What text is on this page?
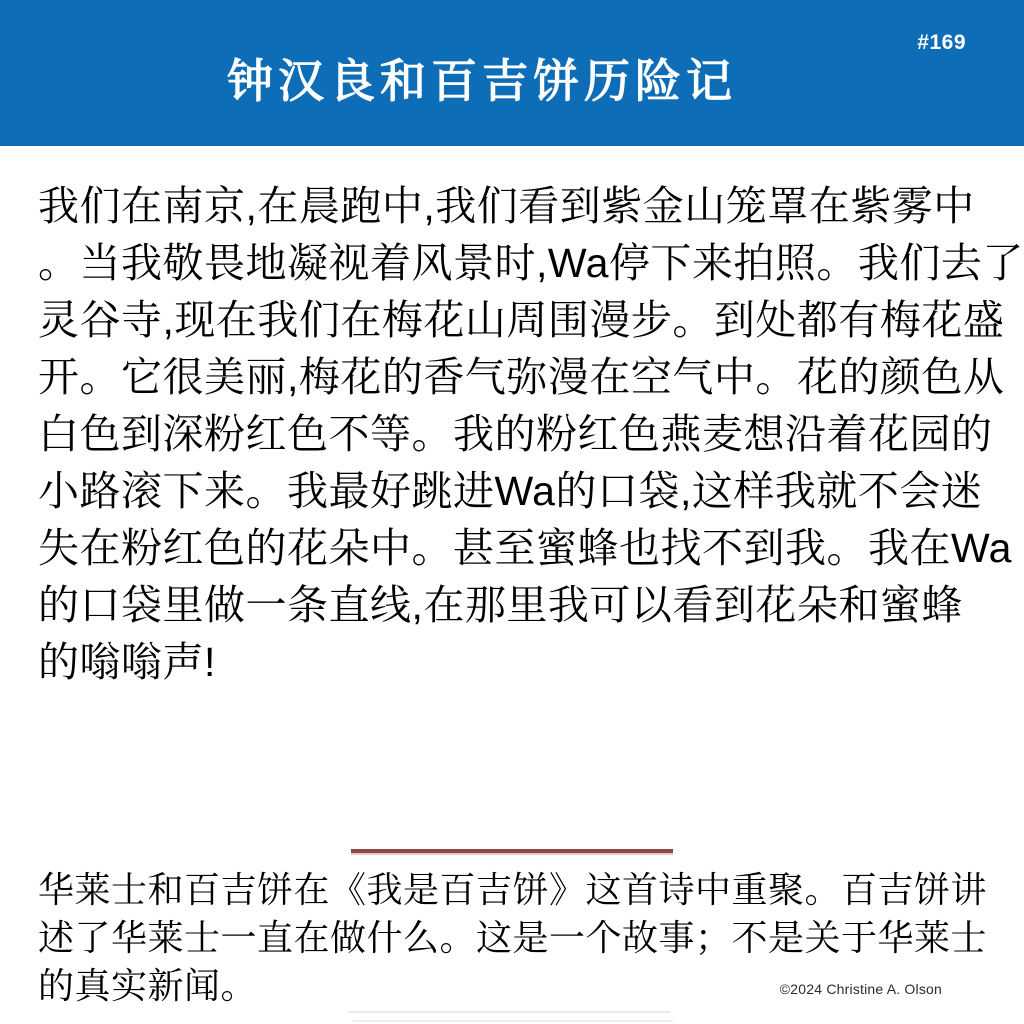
钟汉良和百吉饼历险记
#169
我们在南京,在晨跑中,我们看到紫金山笼罩在紫雾中
。当我敬畏地凝视着风景时,Wa停下来拍照。我们去了
灵谷寺,现在我们在梅花山周围漫步。到处都有梅花盛
开。它很美丽,梅花的香气弥漫在空气中。花的颜色从
白色到深粉红色不等。我的粉红色燕麦想沿着花园的
小路滚下来。我最好跳进Wa的口袋,这样我就不会迷
失在粉红色的花朵中。甚至蜜蜂也找不到我。我在Wa
的口袋里做一条直线,在那里我可以看到花朵和蜜蜂
的嗡嗡声!
华莱士和百吉饼在《我是百吉饼》这首诗中重聚。百吉饼讲
述了华莱士一直在做什么。这是一个故事；不是关于华莱士
的真实新闻。	©2024 Christine A. Olson
